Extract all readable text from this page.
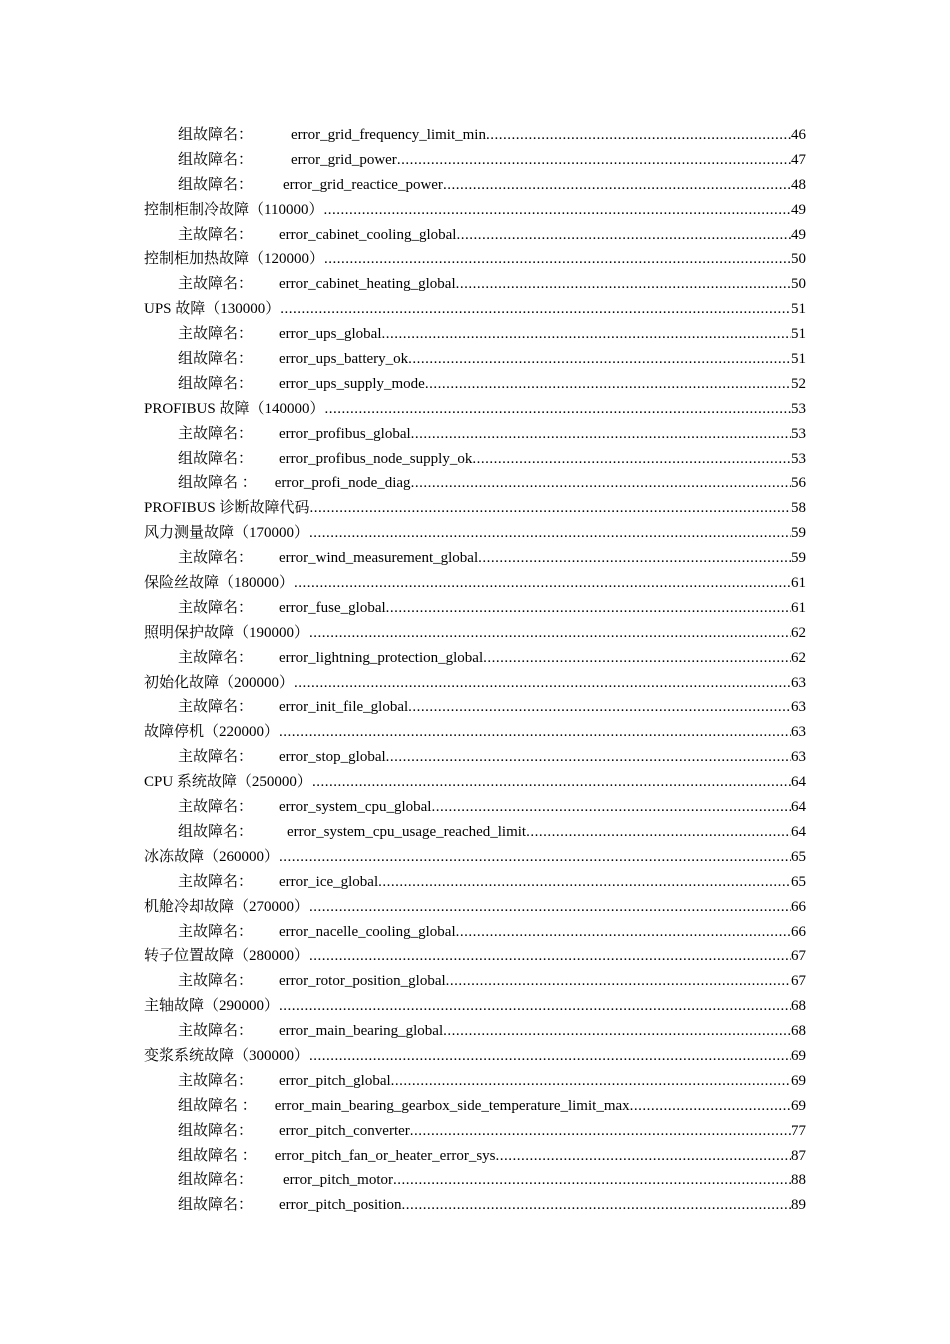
组故障名：	error_grid_frequency_limit_min .....	46
组故障名：	error_grid_power .....	47
组故障名： error_grid_reactice_power .....	48
控制柜制冷故障（110000） .....	49
主故障名： error_cabinet_cooling_global .....	49
控制柜加热故障（120000） .....	50
主故障名： error_cabinet_heating_global .....	50
UPS 故障（130000） .....	51
主故障名： error_ups_global .....	51
组故障名： error_ups_battery_ok .....	51
组故障名： error_ups_supply_mode .....	52
PROFIBUS 故障（140000） .....	53
主故障名： error_profibus_global .....	53
组故障名： error_profibus_node_supply_ok .....	53
组故障名 ： error_profi_node_diag .....	56
PROFIBUS 诊断故障代码 .....	58
风力测量故障（170000） .....	59
主故障名： error_wind_measurement_global .....	59
保险丝故障（180000） .....	61
主故障名： error_fuse_global .....	61
照明保护故障（190000） .....	62
主故障名： error_lightning_protection_global .....	62
初始化故障（200000） .....	63
主故障名： error_init_file_global .....	63
故障停机（220000） .....	63
主故障名： error_stop_global .....	63
CPU 系统故障（250000） .....	64
主故障名： error_system_cpu_global .....	64
组故障名： error_system_cpu_usage_reached_limit .....	64
冰冻故障（260000） .....	65
主故障名： error_ice_global .....	65
机舱冷却故障（270000） .....	66
主故障名： error_nacelle_cooling_global .....	66
转子位置故障（280000） .....	67
主故障名： error_rotor_position_global .....	67
主轴故障（290000） .....	68
主故障名： error_main_bearing_global .....	68
变浆系统故障（300000） .....	69
主故障名： error_pitch_global .....	69
组故障名 ： error_main_bearing_gearbox_side_temperature_limit_max .....	69
组故障名： error_pitch_converter .....	77
组故障名 ： error_pitch_fan_or_heater_error_sys .....	87
组故障名： error_pitch_motor .....	88
组故障名： error_pitch_position .....	89
